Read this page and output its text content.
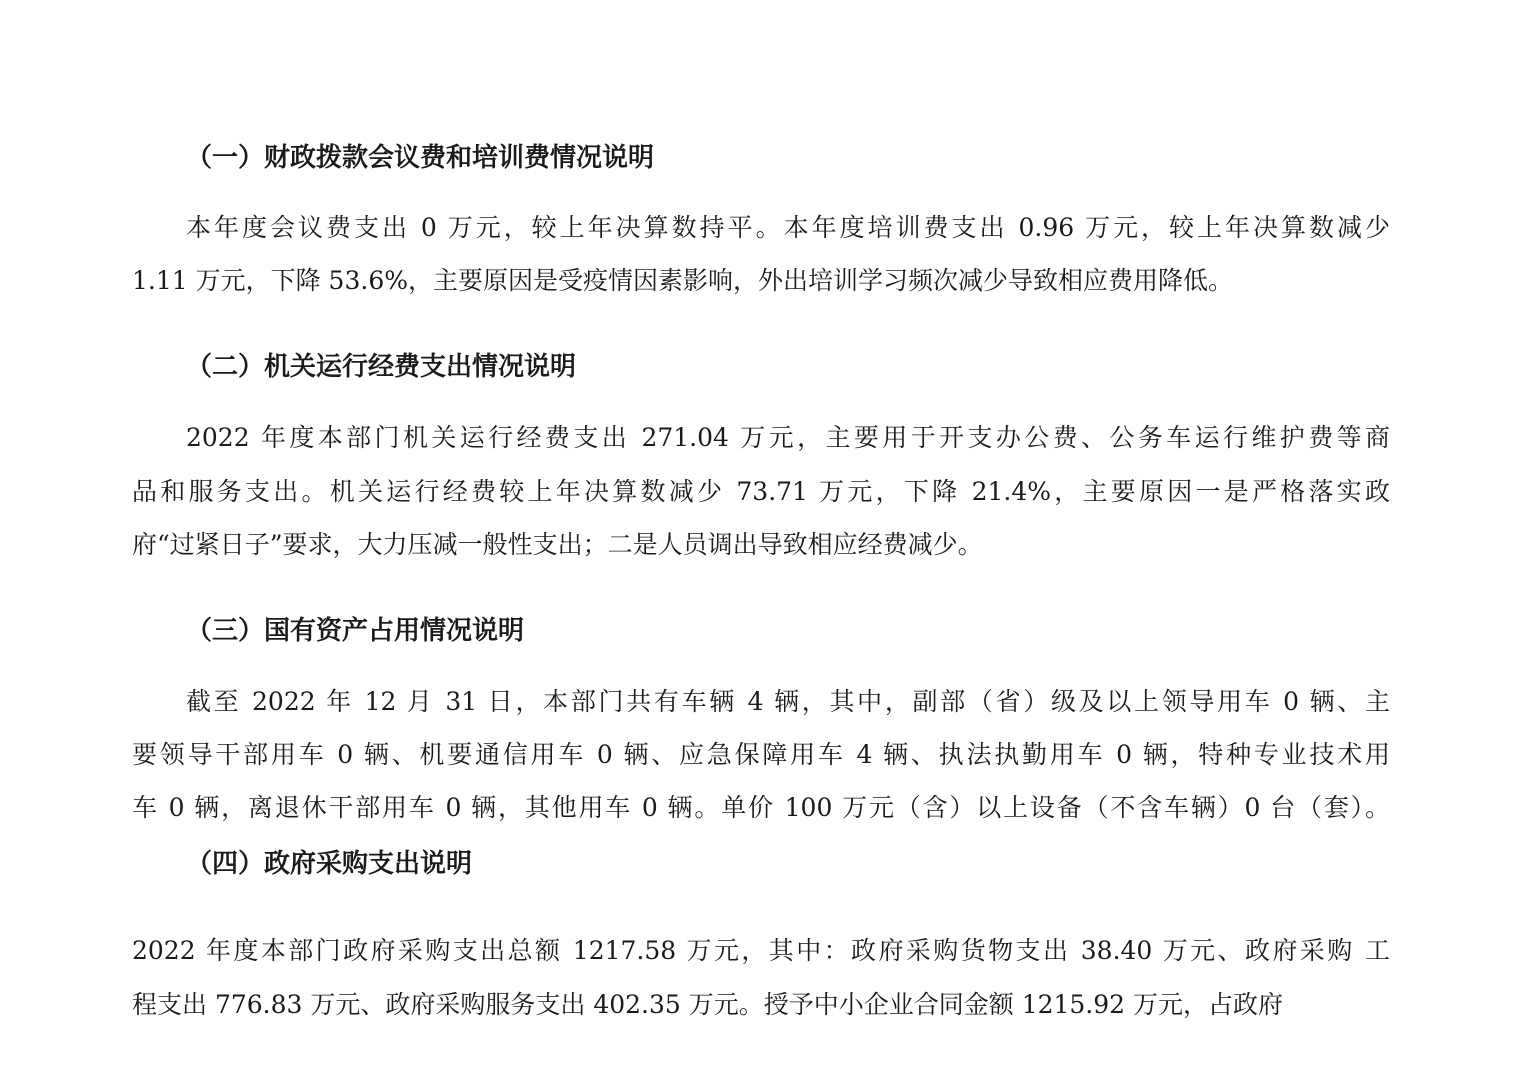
（一）财政拨款会议费和培训费情况说明
本年度会议费支出 0 万元，较上年决算数持平。本年度培训费支出 0.96 万元，较上年决算数减少
1.11 万元，下降 53.6%，主要原因是受疫情因素影响，外出培训学习频次减少导致相应费用降低。
（二）机关运行经费支出情况说明
2022 年度本部门机关运行经费支出 271.04 万元，主要用于开支办公费、公务车运行维护费等商
品和服务支出。机关运行经费较上年决算数减少 73.71 万元，下降 21.4%，主要原因一是严格落实政
府“过紧日子”要求，大力压减一般性支出；二是人员调出导致相应经费减少。
（三）国有资产占用情况说明
截至 2022 年 12 月 31 日，本部门共有车辆 4 辆，其中，副部（省）级及以上领导用车 0 辆、主
要领导干部用车 0 辆、机要通信用车 0 辆、应急保障用车 4 辆、执法执勤用车 0 辆，特种专业技术用
车 0 辆，离退休干部用车 0 辆，其他用车 0 辆。单价 100 万元（含）以上设备（不含车辆）0 台（套）。
（四）政府采购支出说明
2022 年度本部门政府采购支出总额 1217.58 万元，其中：政府采购货物支出 38.40 万元、政府采购 工
程支出 776.83 万元、政府采购服务支出 402.35 万元。授予中小企业合同金额 1215.92 万元，占政府
